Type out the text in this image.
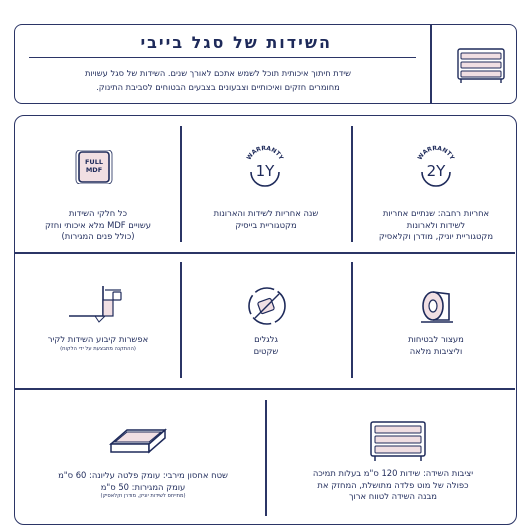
השידות של סגל בייבי
שידת חיתוך איכותית תוכל לשמש אתכם לאורך שנים. השידות של סגל עשויות
מחומרים חזקים ואיכותיים וצבעונים בצבעים הבטוחים לסביבת התינוק.
FULL
MDF
כל חלקי השידות
עשויים MDF מלא איכותי וחזק
(כולל פנים המגירות)
WARRANTY
1Y
שנה אחריות לשידות והארונות
מקטגוריית בייסיק
WARRANTY
2Y
אחריות רחבה: שנתיים אחריות
לשידות ולארונות
מקטגוריית יוניק, מודרן וקלאסיק
אפשרות קיבוע השידות לקיר
(ההתקנה מתבצעת על ידי הלקוח)
גלגלים
שקטים
מעצור לבטיחות
וליציבות מלאה
שטח אחסון מירבי: עומק פלטה עליונה: 60 ס"מ
עומק המגירות: 50 ס"מ
(מתייחס לשידות יוניק, מודרן וקלאסיק)
יציבות השידה: שידות 120 ס"מ בעלות תמיכה
כפולה של מוט פלדה מתושלת, המחזק את
מבנה השידה לטווח ארוך
